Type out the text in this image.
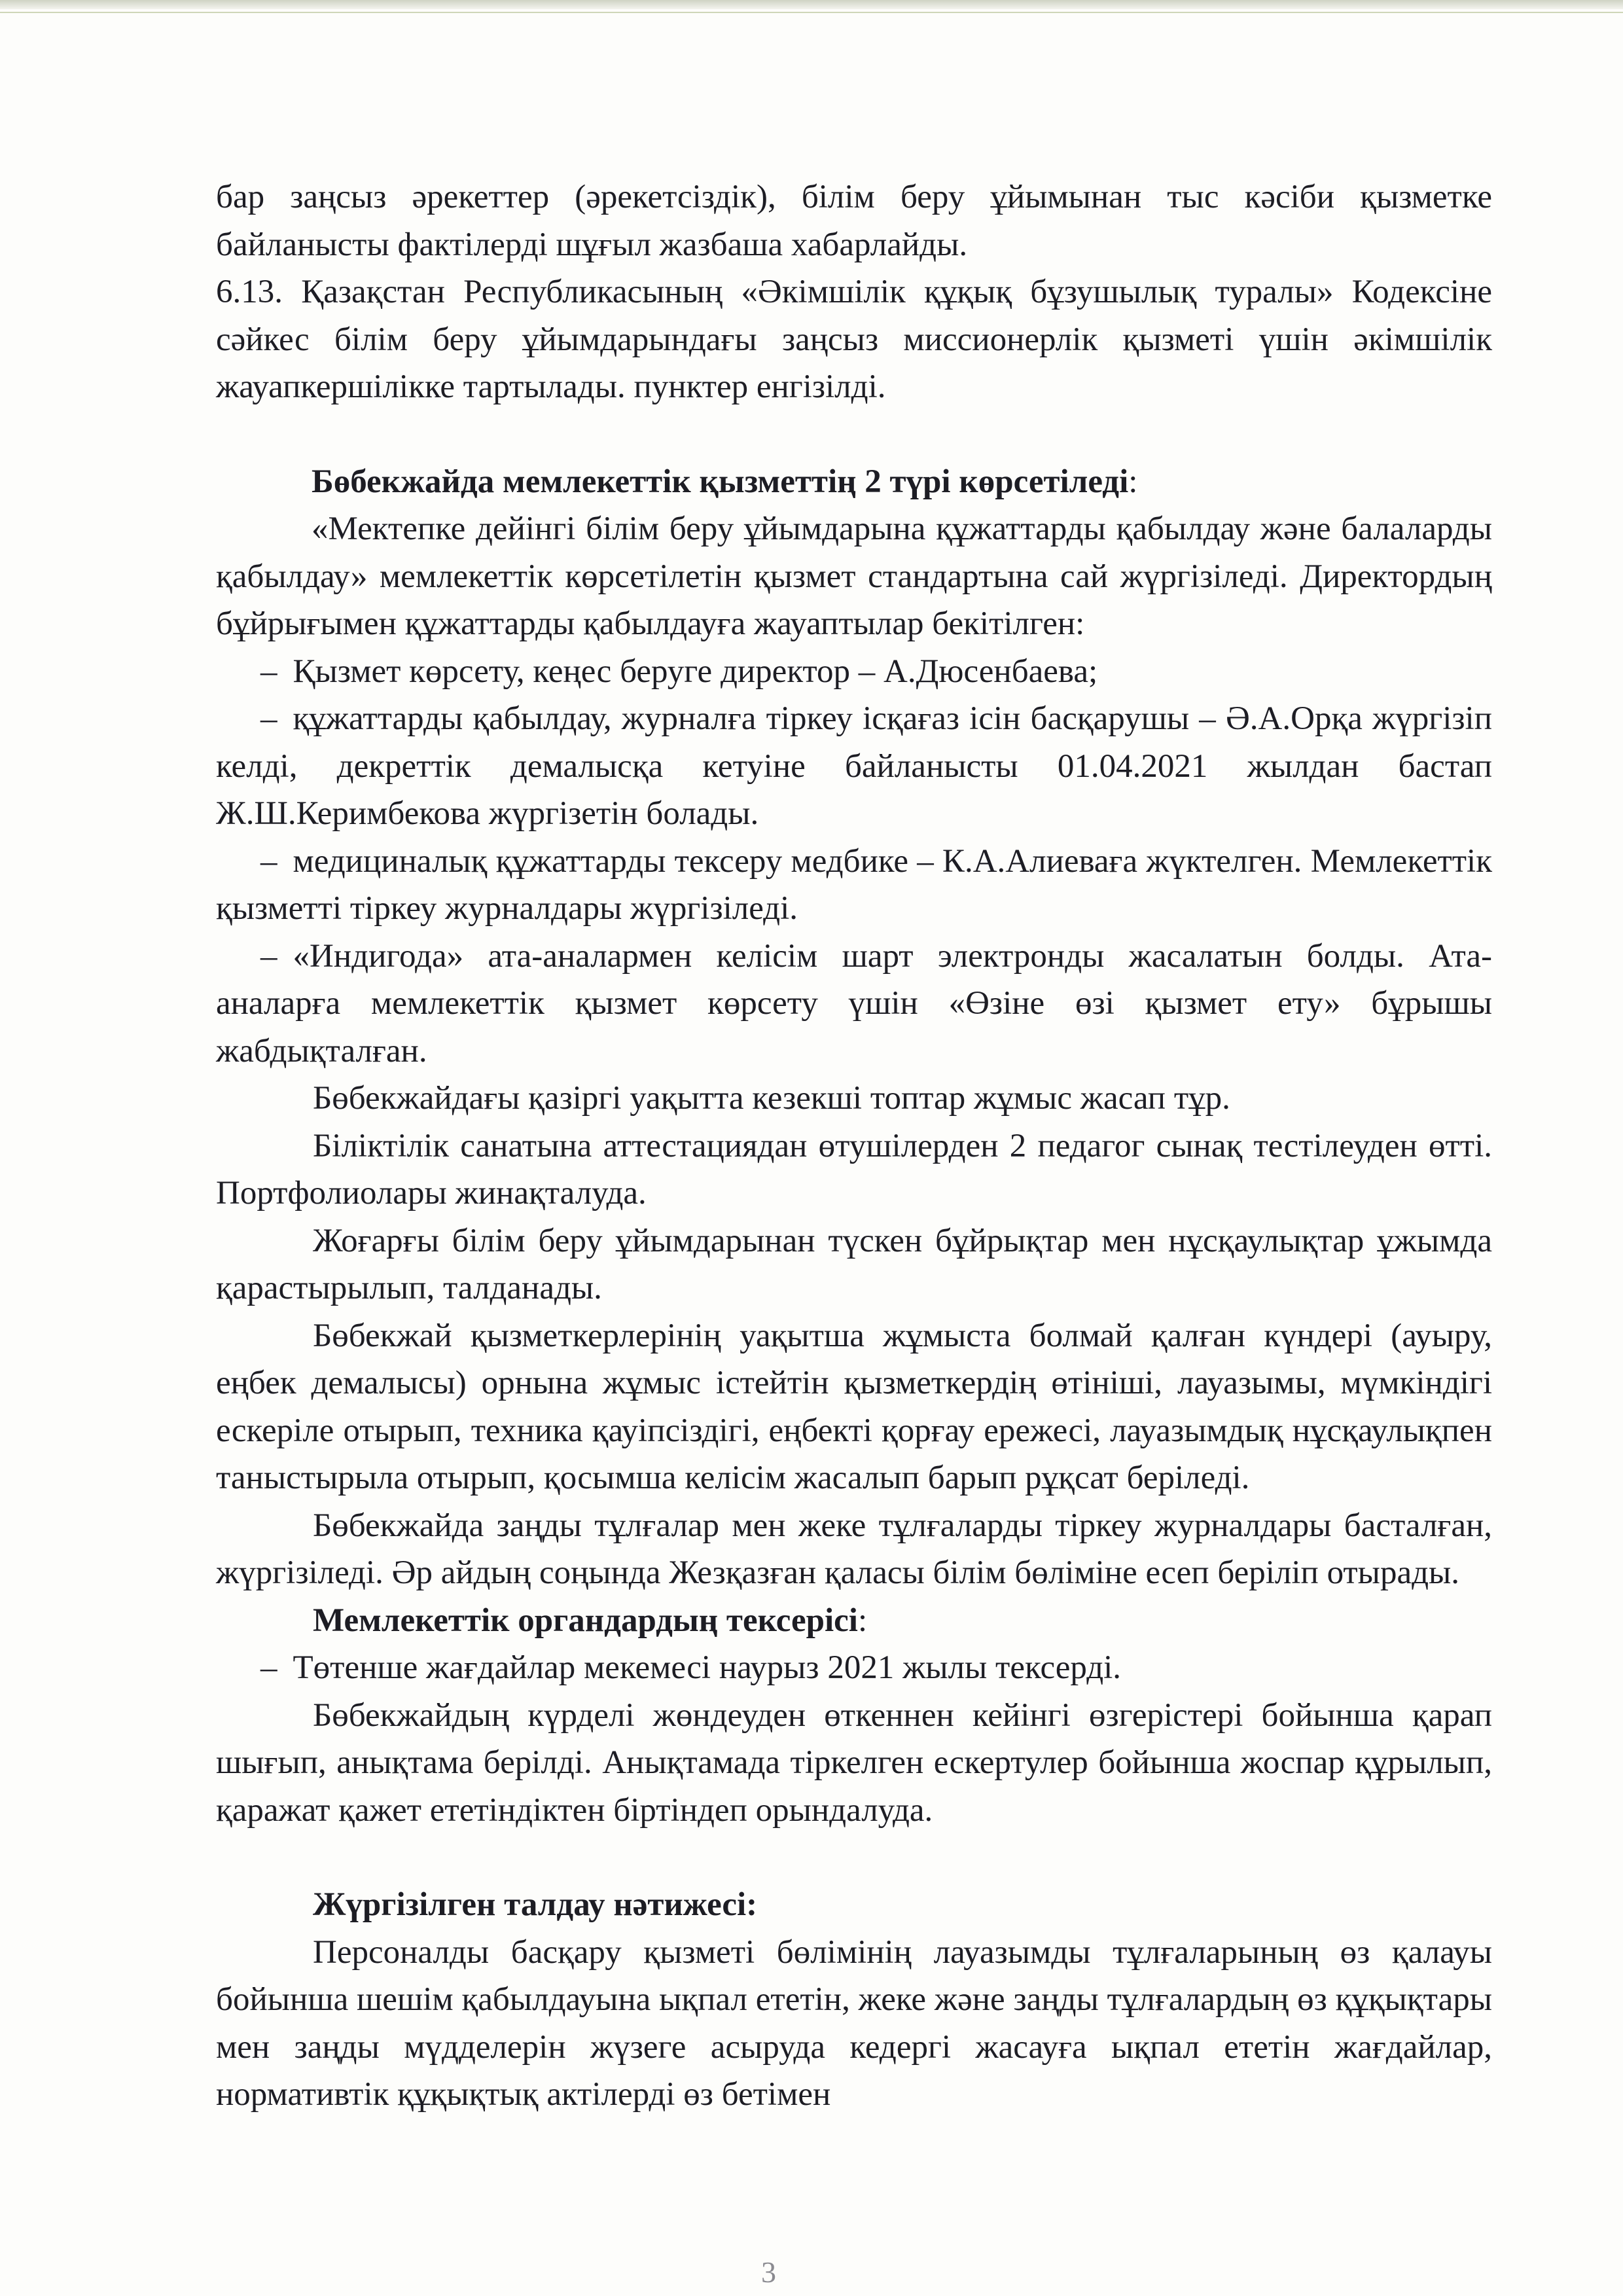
бар заңсыз әрекеттер (әрекетсіздік), білім беру ұйымынан тыс кәсіби қызметке байланысты фактілерді шұғыл жазбаша хабарлайды.

6.13. Қазақстан Республикасының «Әкімшілік құқық бұзушылық туралы» Кодексіне сәйкес білім беру ұйымдарындағы заңсыз миссионерлік қызметі үшін әкімшілік жауапкершілікке тартылады. пунктер енгізілді.

Бөбекжайда мемлекеттік қызметтің 2 түрі көрсетіледі:

«Мектепке дейінгі білім беру ұйымдарына құжаттарды қабылдау және балаларды қабылдау» мемлекеттік көрсетілетін қызмет стандартына сай жүргізіледі. Директордың бұйрығымен құжаттарды қабылдауға жауаптылар бекітілген:

– Қызмет көрсету, кеңес беруге директор – А.Дюсенбаева;

– құжаттарды қабылдау, журналға тіркеу ісқағаз ісін басқарушы – Ә.А.Орқа жүргізіп келді, декреттік демалысқа кетуіне байланысты 01.04.2021 жылдан бастап Ж.Ш.Керимбекова жүргізетін болады.

– медициналық құжаттарды тексеру медбике – К.А.Алиеваға жүктелген. Мемлекеттік қызметті тіркеу журналдары жүргізіледі.

– «Индигода» ата-аналармен келісім шарт электронды жасалатын болды. Ата-аналарға мемлекеттік қызмет көрсету үшін «Өзіне өзі қызмет ету» бұрышы жабдықталған.

Бөбекжайдағы қазіргі уақытта кезекші топтар жұмыс жасап тұр.

Біліктілік санатына аттестациядан өтушілерден 2 педагог сынақ тестілеуден өтті. Портфолиолары жинақталуда.

Жоғарғы білім беру ұйымдарынан түскен бұйрықтар мен нұсқаулықтар ұжымда қарастырылып, талданады.

Бөбекжай қызметкерлерінің уақытша жұмыста болмай қалған күндері (ауыру, еңбек демалысы) орнына жұмыс істейтін қызметкердің өтініші, лауазымы, мүмкіндігі ескеріле отырып, техника қауіпсіздігі, еңбекті қорғау ережесі, лауазымдық нұсқаулықпен таныстырыла отырып, қосымша келісім жасалып барып рұқсат беріледі.

Бөбекжайда заңды тұлғалар мен жеке тұлғаларды тіркеу журналдары басталған, жүргізіледі. Әр айдың соңында Жезқазған қаласы білім бөліміне есеп беріліп отырады.

Мемлекеттік органдардың тексерісі:

– Төтенше жағдайлар мекемесі наурыз 2021 жылы тексерді.

Бөбекжайдың күрделі жөндеуден өткеннен кейінгі өзгерістері бойынша қарап шығып, анықтама берілді. Анықтамада тіркелген ескертулер бойынша жоспар құрылып, қаражат қажет ететіндіктен біртіндеп орындалуда.

Жүргізілген талдау нәтижесі:

Персоналды басқару қызметі бөлімінің лауазымды тұлғаларының өз қалауы бойынша шешім қабылдауына ықпал ететін, жеке және заңды тұлғалардың өз құқықтары мен заңды мүдделерін жүзеге асыруда кедергі жасауға ықпал ететін жағдайлар, нормативтік құқықтық актілерді өз бетімен

3
